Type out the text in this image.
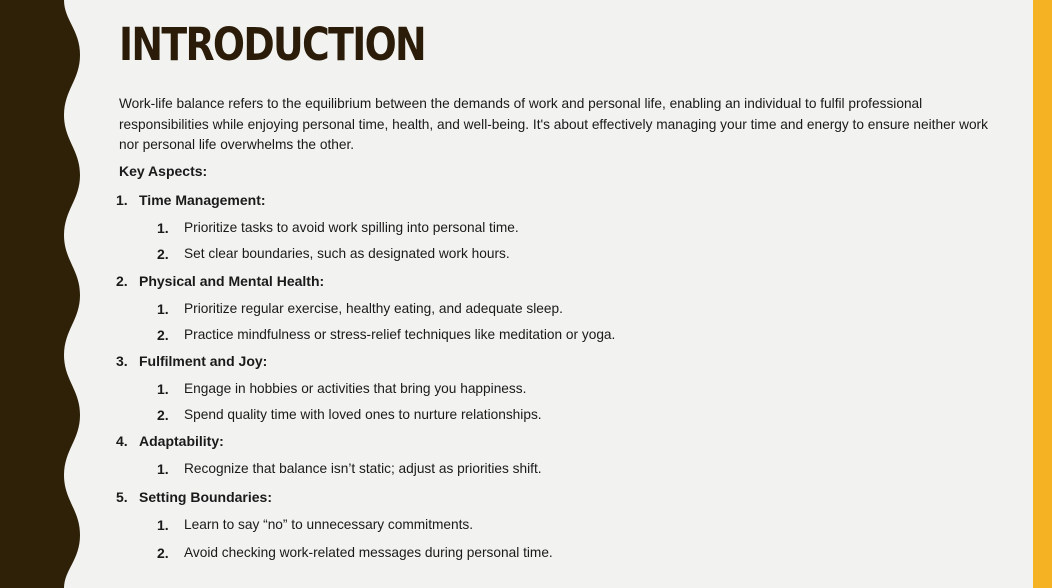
INTRODUCTION

Work-life balance refers to the equilibrium between the demands of work and personal life, enabling an individual to fulfil professional responsibilities while enjoying personal time, health, and well-being. It's about effectively managing your time and energy to ensure neither work nor personal life overwhelms the other.

Key Aspects:
1. Time Management:
1. Prioritize tasks to avoid work spilling into personal time.
2. Set clear boundaries, such as designated work hours.
2. Physical and Mental Health:
1. Prioritize regular exercise, healthy eating, and adequate sleep.
2. Practice mindfulness or stress-relief techniques like meditation or yoga.
3. Fulfilment and Joy:
1. Engage in hobbies or activities that bring you happiness.
2. Spend quality time with loved ones to nurture relationships.
4. Adaptability:
1. Recognize that balance isn’t static; adjust as priorities shift.
5. Setting Boundaries:
1. Learn to say “no” to unnecessary commitments.
2. Avoid checking work-related messages during personal time.
